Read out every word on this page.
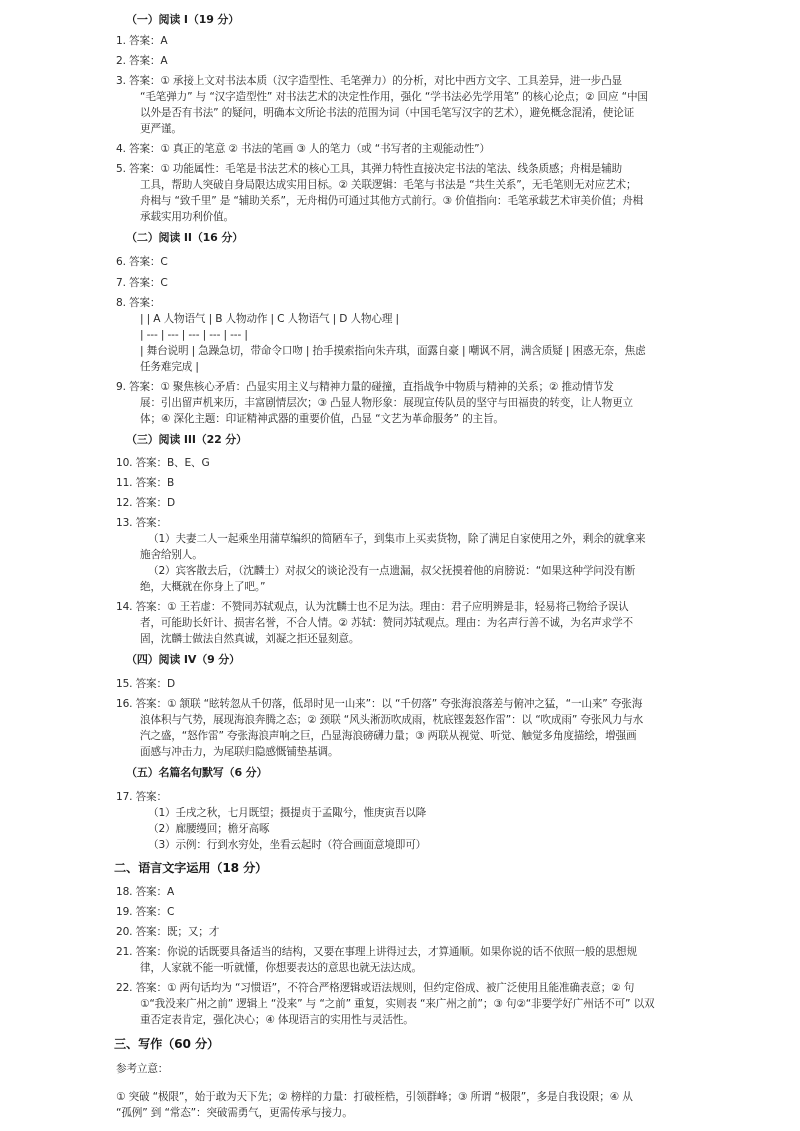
（一）阅读 I（19 分）
1. 答案：A
2. 答案：A
3. 答案：① 承接上文对书法本质（汉字造型性、毛笔弹力）的分析，对比中西方文字、工具差异，进一步凸显
“毛笔弹力” 与 “汉字造型性” 对书法艺术的决定性作用，强化 “学书法必先学用笔” 的核心论点；② 回应 “中国
以外是否有书法” 的疑问，明确本文所论书法的范围为词（中国毛笔写汉字的艺术），避免概念混淆，使论证
更严谨。
4. 答案：① 真正的笔意 ② 书法的笔画 ③ 人的笔力（或 “书写者的主观能动性”）
5. 答案：① 功能属性：毛笔是书法艺术的核心工具，其弹力特性直接决定书法的笔法、线条质感；舟楫是辅助
工具，帮助人突破自身局限达成实用目标。② 关联逻辑：毛笔与书法是 “共生关系”，无毛笔则无对应艺术；
舟楫与 “致千里” 是 “辅助关系”，无舟楫仍可通过其他方式前行。③ 价值指向：毛笔承载艺术审美价值；舟楫
承载实用功利价值。
（二）阅读 II（16 分）
6. 答案：C
7. 答案：C
8. 答案：
| | A 人物语气 | B 人物动作 | C 人物语气 | D 人物心理 |
| --- | --- | --- | --- | --- |
| 舞台说明 | 急躁急切，带命令口吻 | 抬手摸索指向朱卉琪，面露自豪 | 嘲讽不屑，满含质疑 | 困惑无奈，焦虑
任务难完成 |
9. 答案：① 聚焦核心矛盾：凸显实用主义与精神力量的碰撞，直指战争中物质与精神的关系；② 推动情节发
展：引出留声机来历，丰富剧情层次；③ 凸显人物形象：展现宣传队员的坚守与田福贵的转变，让人物更立
体；④ 深化主题：印证精神武器的重要价值，凸显 “文艺为革命服务” 的主旨。
（三）阅读 III（22 分）
10. 答案：B、E、G
11. 答案：B
12. 答案：D
13. 答案：
（1）夫妻二人一起乘坐用蒲草编织的简陋车子，到集市上买卖货物，除了满足自家使用之外，剩余的就拿来
施舍给别人。
（2）宾客散去后，（沈麟士）对叔父的谈论没有一点遗漏，叔父抚摸着他的肩膀说：“如果这种学问没有断
绝，大概就在你身上了吧。”
14. 答案：① 王若虚：不赞同苏轼观点，认为沈麟士也不足为法。理由：君子应明辨是非，轻易将己物给予误认
者，可能助长奸计、损害名誉，不合人情。② 苏轼：赞同苏轼观点。理由：为名声行善不诚，为名声求学不
固，沈麟士做法自然真诚，刘凝之拒还显刻意。
（四）阅读 IV（9 分）
15. 答案：D
16. 答案：① 颔联 “眩转忽从千仞落，低昂时见一山来”：以 “千仞落” 夸张海浪落差与俯冲之猛，“一山来” 夸张海
浪体积与气势，展现海浪奔腾之态；② 颈联 “风头淅沥吹成雨，枕底铿轰怒作雷”：以 “吹成雨” 夸张风力与水
汽之盛，“怒作雷” 夸张海浪声响之巨，凸显海浪磅礴力量；③ 两联从视觉、听觉、触觉多角度描绘，增强画
面感与冲击力，为尾联归隐感慨铺垫基调。
（五）名篇名句默写（6 分）
17. 答案：
（1）壬戌之秋，七月既望；摄提贞于孟陬兮，惟庚寅吾以降
（2）廊腰缦回；檐牙高啄
（3）示例：行到水穷处，坐看云起时（符合画面意境即可）
二、语言文字运用（18 分）
18. 答案：A
19. 答案：C
20. 答案：既；又；才
21. 答案：你说的话既要具备适当的结构，又要在事理上讲得过去，才算通顺。如果你说的话不依照一般的思想规
律，人家就不能一听就懂，你想要表达的意思也就无法达成。
22. 答案：① 两句话均为 “习惯语”，不符合严格逻辑或语法规则，但约定俗成、被广泛使用且能准确表意；② 句
①“我没来广州之前” 逻辑上 “没来” 与 “之前” 重复，实则表 “来广州之前”；③ 句②“非要学好广州话不可” 以双
重否定表肯定，强化决心；④ 体现语言的实用性与灵活性。
三、写作（60 分）
参考立意：
① 突破 “极限”，始于敢为天下先；② 榜样的力量：打破桎梏，引领群峰；③ 所谓 “极限”，多是自我设限；④ 从
“孤例” 到 “常态”：突破需勇气，更需传承与接力。
